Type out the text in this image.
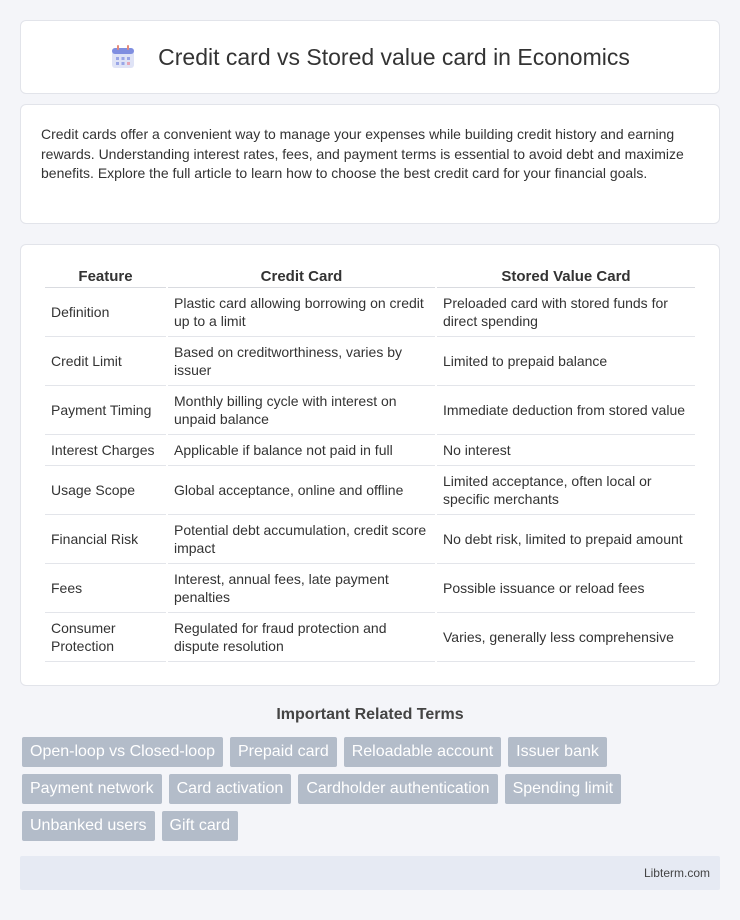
Credit card vs Stored value card in Economics

Credit cards offer a convenient way to manage your expenses while building credit history and earning rewards. Understanding interest rates, fees, and payment terms is essential to avoid debt and maximize benefits. Explore the full article to learn how to choose the best credit card for your financial goals.

Feature	Credit Card	Stored Value Card
Definition	Plastic card allowing borrowing on credit up to a limit	Preloaded card with stored funds for direct spending
Credit Limit	Based on creditworthiness, varies by issuer	Limited to prepaid balance
Payment Timing	Monthly billing cycle with interest on unpaid balance	Immediate deduction from stored value
Interest Charges	Applicable if balance not paid in full	No interest
Usage Scope	Global acceptance, online and offline	Limited acceptance, often local or specific merchants
Financial Risk	Potential debt accumulation, credit score impact	No debt risk, limited to prepaid amount
Fees	Interest, annual fees, late payment penalties	Possible issuance or reload fees
Consumer Protection	Regulated for fraud protection and dispute resolution	Varies, generally less comprehensive
Important Related Terms
Open-loop vs Closed-loop	Prepaid card	Reloadable account	Issuer bank
Payment network	Card activation	Cardholder authentication	Spending limit
Unbanked users	Gift card
Libterm.com
